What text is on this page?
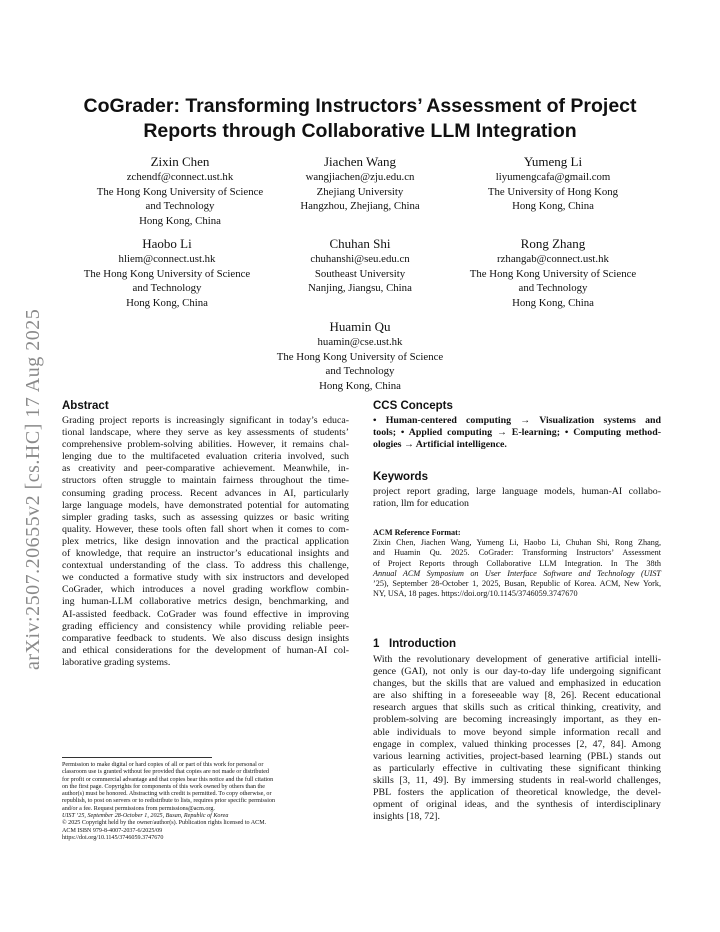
arXiv:2507.20655v2 [cs.HC] 17 Aug 2025
CoGrader: Transforming Instructors’ Assessment of Project
Reports through Collaborative LLM Integration
Zixin Chen
zchendf@connect.ust.hk
The Hong Kong University of Science
and Technology
Hong Kong, China
Jiachen Wang
wangjiachen@zju.edu.cn
Zhejiang University
Hangzhou, Zhejiang, China
Yumeng Li
liyumengcafa@gmail.com
The University of Hong Kong
Hong Kong, China
Haobo Li
hliem@connect.ust.hk
The Hong Kong University of Science
and Technology
Hong Kong, China
Chuhan Shi
chuhanshi@seu.edu.cn
Southeast University
Nanjing, Jiangsu, China
Rong Zhang
rzhangab@connect.ust.hk
The Hong Kong University of Science
and Technology
Hong Kong, China
Huamin Qu
huamin@cse.ust.hk
The Hong Kong University of Science
and Technology
Hong Kong, China
Abstract
Grading project reports is increasingly significant in today’s educa-
tional landscape, where they serve as key assessments of students’
comprehensive problem-solving abilities. However, it remains chal-
lenging due to the multifaceted evaluation criteria involved, such
as creativity and peer-comparative achievement. Meanwhile, in-
structors often struggle to maintain fairness throughout the time-
consuming grading process. Recent advances in AI, particularly
large language models, have demonstrated potential for automating
simpler grading tasks, such as assessing quizzes or basic writing
quality. However, these tools often fall short when it comes to com-
plex metrics, like design innovation and the practical application
of knowledge, that require an instructor’s educational insights and
contextual understanding of the class. To address this challenge,
we conducted a formative study with six instructors and developed
CoGrader, which introduces a novel grading workflow combin-
ing human-LLM collaborative metrics design, benchmarking, and
AI-assisted feedback. CoGrader was found effective in improving
grading efficiency and consistency while providing reliable peer-
comparative feedback to students. We also discuss design insights
and ethical considerations for the development of human-AI col-
laborative grading systems.
Permission to make digital or hard copies of all or part of this work for personal or
classroom use is granted without fee provided that copies are not made or distributed
for profit or commercial advantage and that copies bear this notice and the full citation
on the first page. Copyrights for components of this work owned by others than the
author(s) must be honored. Abstracting with credit is permitted. To copy otherwise, or
republish, to post on servers or to redistribute to lists, requires prior specific permission
and/or a fee. Request permissions from permissions@acm.org.
UIST ’25, September 28-October 1, 2025, Busan, Republic of Korea
© 2025 Copyright held by the owner/author(s). Publication rights licensed to ACM.
ACM ISBN 979-8-4007-2037-6/2025/09
https://doi.org/10.1145/3746059.3747670
CCS Concepts
• Human-centered computing → Visualization systems and
tools; • Applied computing → E-learning; • Computing method-
ologies → Artificial intelligence.
Keywords
project report grading, large language models, human-AI collabo-
ration, llm for education
ACM Reference Format:
Zixin Chen, Jiachen Wang, Yumeng Li, Haobo Li, Chuhan Shi, Rong Zhang,
and Huamin Qu. 2025. CoGrader: Transforming Instructors’ Assessment
of Project Reports through Collaborative LLM Integration. In The 38th
Annual ACM Symposium on User Interface Software and Technology (UIST
’25), September 28-October 1, 2025, Busan, Republic of Korea. ACM, New York,
NY, USA, 18 pages. https://doi.org/10.1145/3746059.3747670
1 Introduction
With the revolutionary development of generative artificial intelli-
gence (GAI), not only is our day-to-day life undergoing significant
changes, but the skills that are valued and emphasized in education
are also shifting in a foreseeable way [8, 26]. Recent educational
research argues that skills such as critical thinking, creativity, and
problem-solving are becoming increasingly important, as they en-
able individuals to move beyond simple information recall and
engage in complex, valued thinking processes [2, 47, 84]. Among
various learning activities, project-based learning (PBL) stands out
as particularly effective in cultivating these significant thinking
skills [3, 11, 49]. By immersing students in real-world challenges,
PBL fosters the application of theoretical knowledge, the devel-
opment of original ideas, and the synthesis of interdisciplinary
insights [18, 72].
